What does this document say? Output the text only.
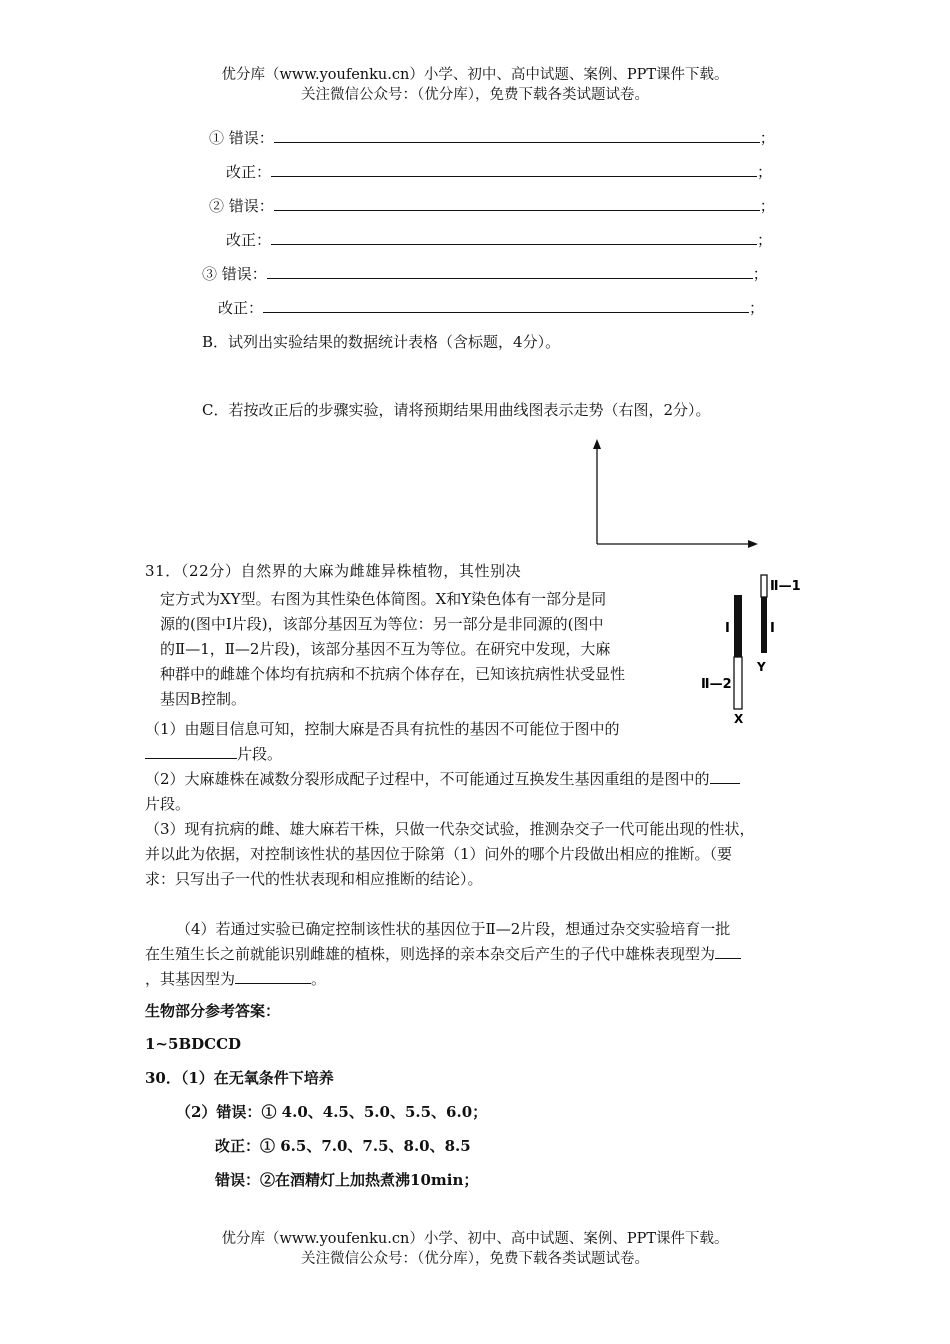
优分库（www.youfenku.cn）小学、初中、高中试题、案例、PPT课件下载。
关注微信公众号：（优分库），免费下载各类试题试卷。
① 错误：	；
改正：	；
② 错误：	；
改正：	；
③ 错误：	；
改正：	；
B．试列出实验结果的数据统计表格（含标题，4分）。
C．若按改正后的步骤实验，请将预期结果用曲线图表示走势（右图，2分）。
31．（22分）自然界的大麻为雌雄异株植物，其性别决
定方式为XY型。右图为其性染色体简图。X和Y染色体有一部分是同
源的(图中Ⅰ片段)，该部分基因互为等位：另一部分是非同源的(图中
的Ⅱ—1，Ⅱ—2片段)，该部分基因不互为等位。在研究中发现，大麻
种群中的雌雄个体均有抗病和不抗病个体存在，已知该抗病性状受显性
基因B控制。
Ⅱ—1
Ⅰ	Ⅰ
Y
Ⅱ—2
X
（1）由题目信息可知，控制大麻是否具有抗性的基因不可能位于图中的
片段。
（2）大麻雄株在减数分裂形成配子过程中，不可能通过互换发生基因重组的是图中的
片段。
（3）现有抗病的雌、雄大麻若干株，只做一代杂交试验，推测杂交子一代可能出现的性状，
并以此为依据，对控制该性状的基因位于除第（1）问外的哪个片段做出相应的推断。（要
求：只写出子一代的性状表现和相应推断的结论）。
（4）若通过实验已确定控制该性状的基因位于Ⅱ—2片段，想通过杂交实验培育一批
在生殖生长之前就能识别雌雄的植株，则选择的亲本杂交后产生的子代中雄株表现型为
，其基因型为	。
生物部分参考答案：
1~5BDCCD
30．（1）在无氧条件下培养
（2）错误：① 4.0、4.5、5.0、5.5、6.0；
改正：① 6.5、7.0、7.5、8.0、8.5
错误：②在酒精灯上加热煮沸10min；
优分库（www.youfenku.cn）小学、初中、高中试题、案例、PPT课件下载。
关注微信公众号：（优分库），免费下载各类试题试卷。
